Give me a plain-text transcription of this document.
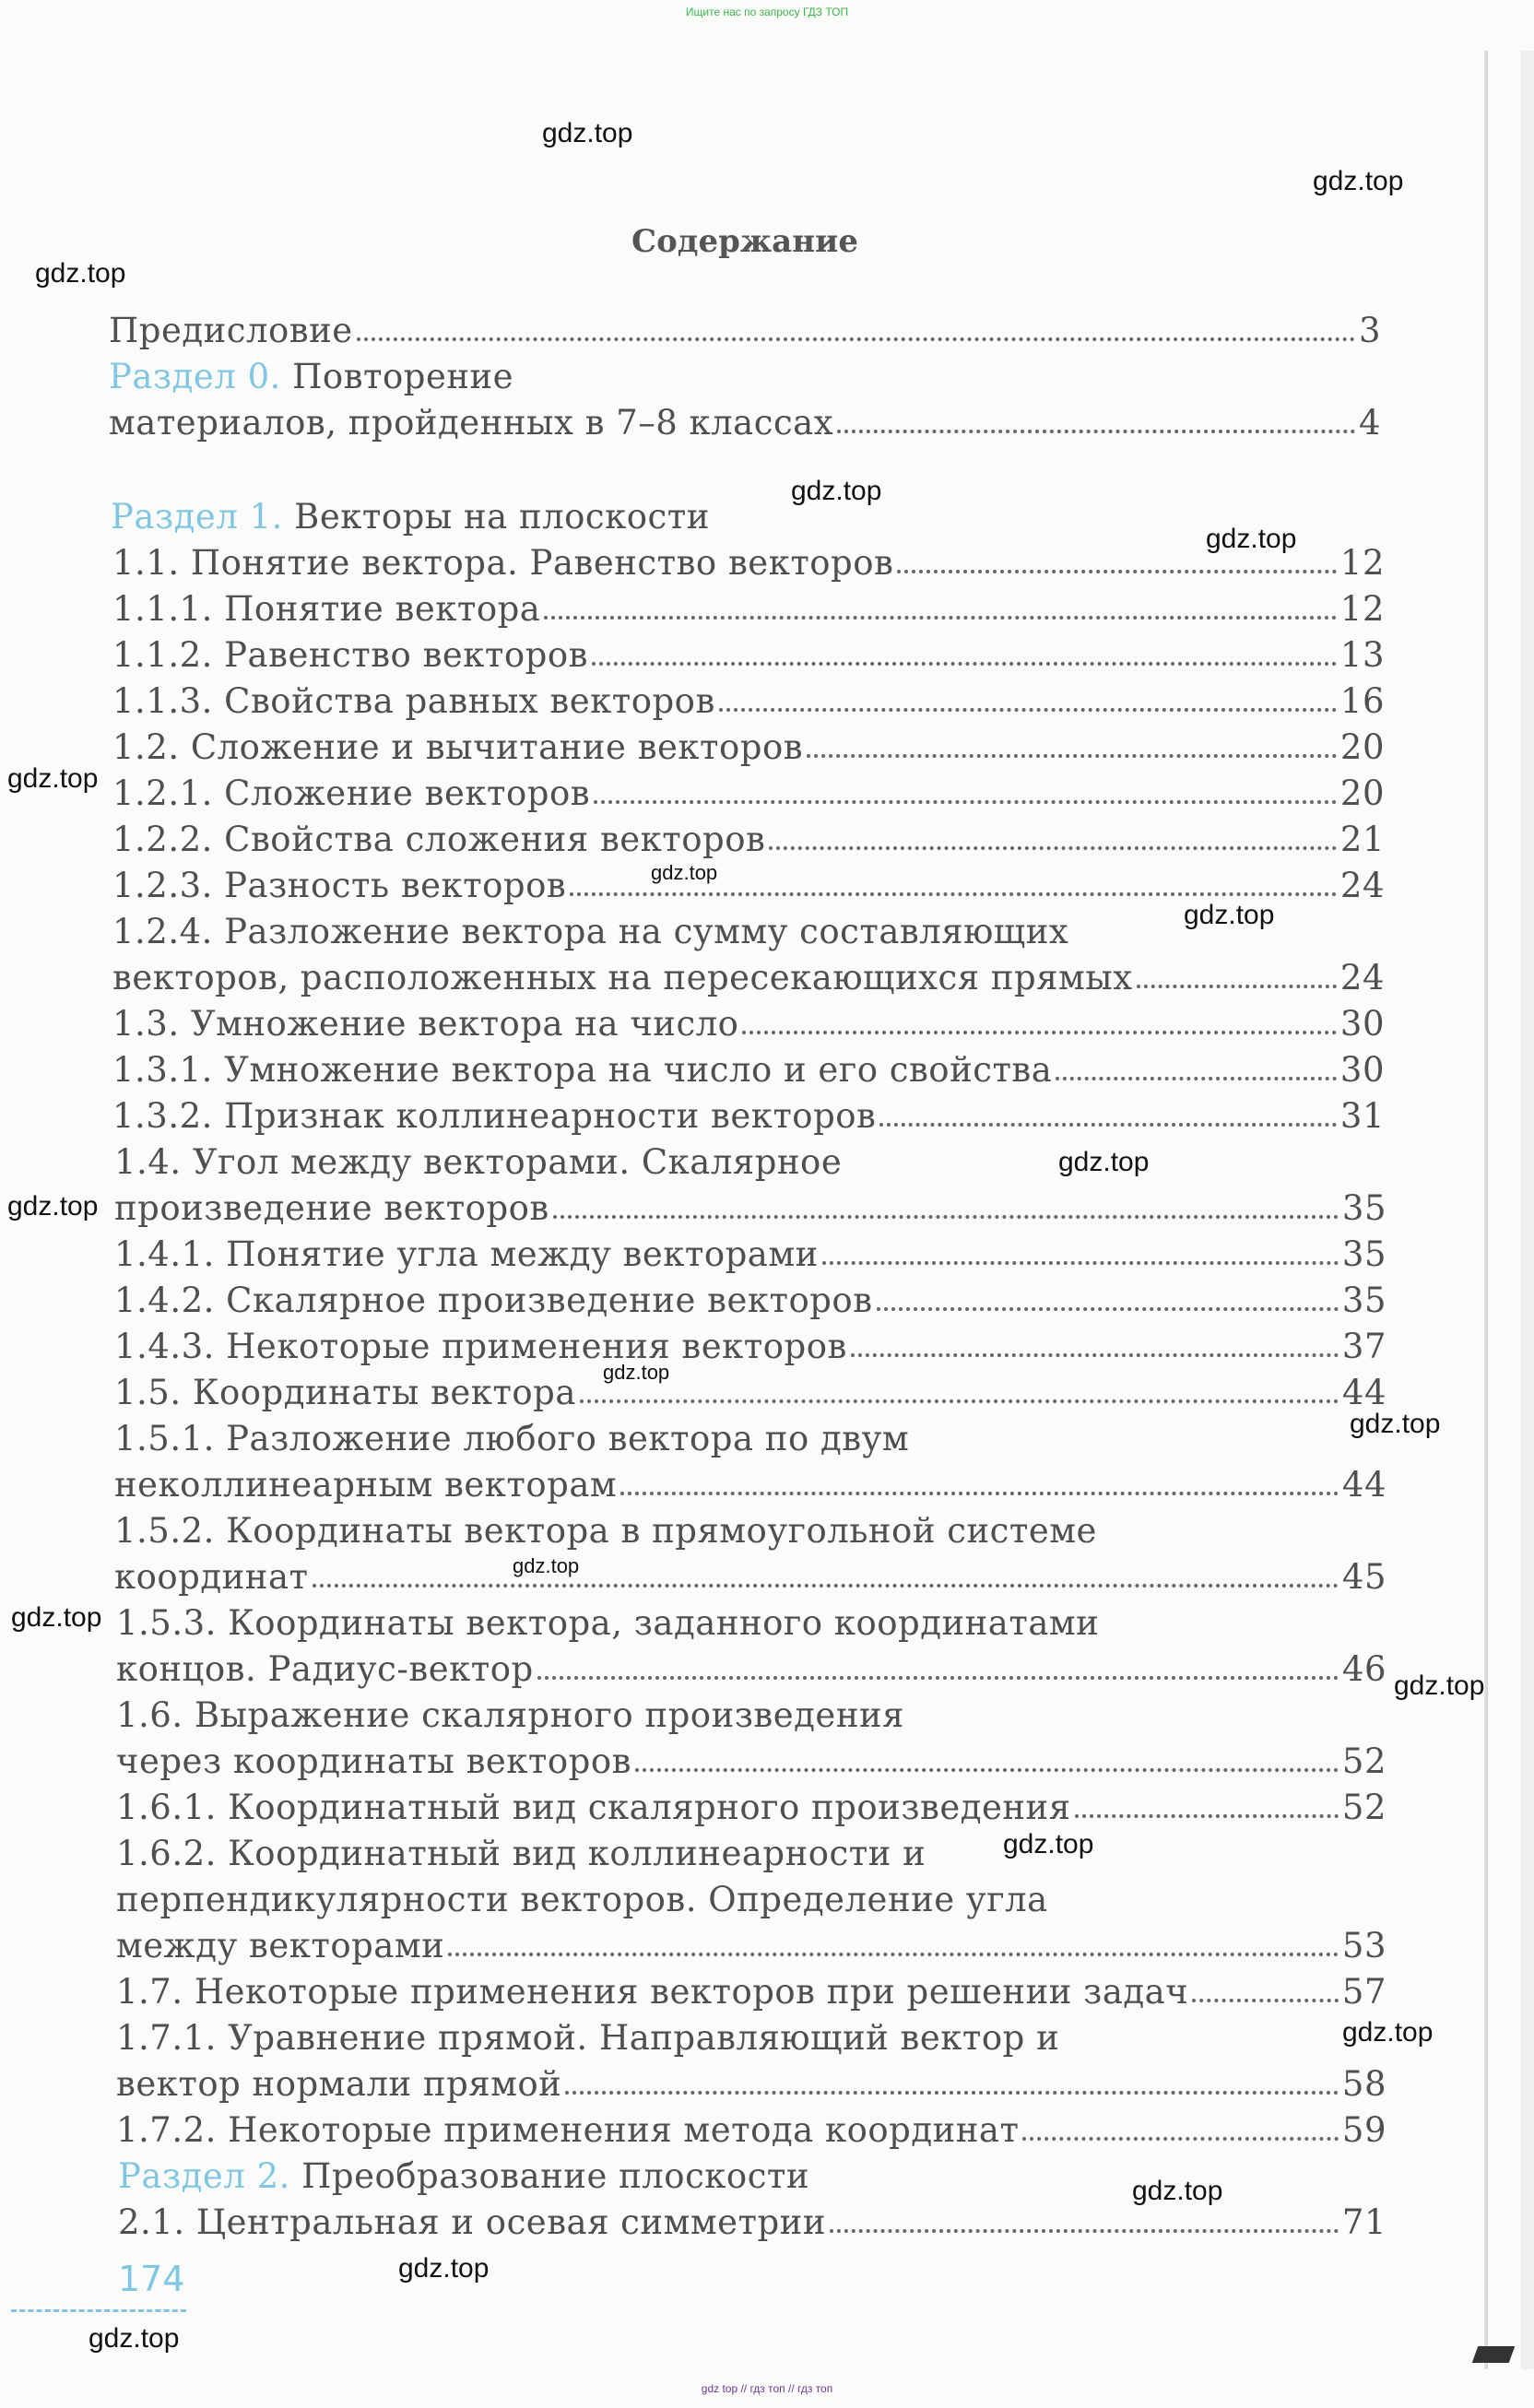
Ищите нас по запросу ГДЗ ТОП
Содержание
Предисловие	3
Раздел 0.
Повторение
материалов, пройденных в 7–8 классах	4
Раздел 1.
Векторы на плоскости
1.1. Понятие вектора. Равенство векторов	12
1.1.1. Понятие вектора	12
1.1.2. Равенство векторов	13
1.1.3. Свойства равных векторов	16
1.2. Сложение и вычитание векторов	20
1.2.1. Сложение векторов	20
1.2.2. Свойства сложения векторов	21
1.2.3. Разность векторов	24
1.2.4. Разложение вектора на сумму составляющих
векторов, расположенных на пересекающихся прямых	24
1.3. Умножение вектора на число	30
1.3.1. Умножение вектора на число и его свойства	30
1.3.2. Признак коллинеарности векторов	31
1.4. Угол между векторами. Скалярное
произведение векторов	35
1.4.1. Понятие угла между векторами	35
1.4.2. Скалярное произведение векторов	35
1.4.3. Некоторые применения векторов	37
1.5. Координаты вектора	44
1.5.1. Разложение любого вектора по двум
неколлинеарным векторам	44
1.5.2. Координаты вектора в прямоугольной системе
координат	45
1.5.3. Координаты вектора, заданного координатами
концов. Радиус-вектор	46
1.6. Выражение скалярного произведения
через координаты векторов	52
1.6.1. Координатный вид скалярного произведения	52
1.6.2. Координатный вид коллинеарности и
перпендикулярности векторов. Определение угла
между векторами	53
1.7. Некоторые применения векторов при решении задач	57
1.7.1. Уравнение прямой. Направляющий вектор и
вектор нормали прямой	58
1.7.2. Некоторые применения метода координат	59
Раздел 2.
Преобразование плоскости
2.1. Центральная и осевая симметрии	71
174
gdz.top
gdz.top
gdz.top
gdz.top
gdz.top
gdz.top
gdz.top
gdz.top
gdz.top
gdz.top
gdz.top
gdz.top
gdz.top
gdz.top
gdz.top
gdz.top
gdz.top
gdz.top
gdz.top
gdz.top
gdz top // гдз топ // гдз топ
